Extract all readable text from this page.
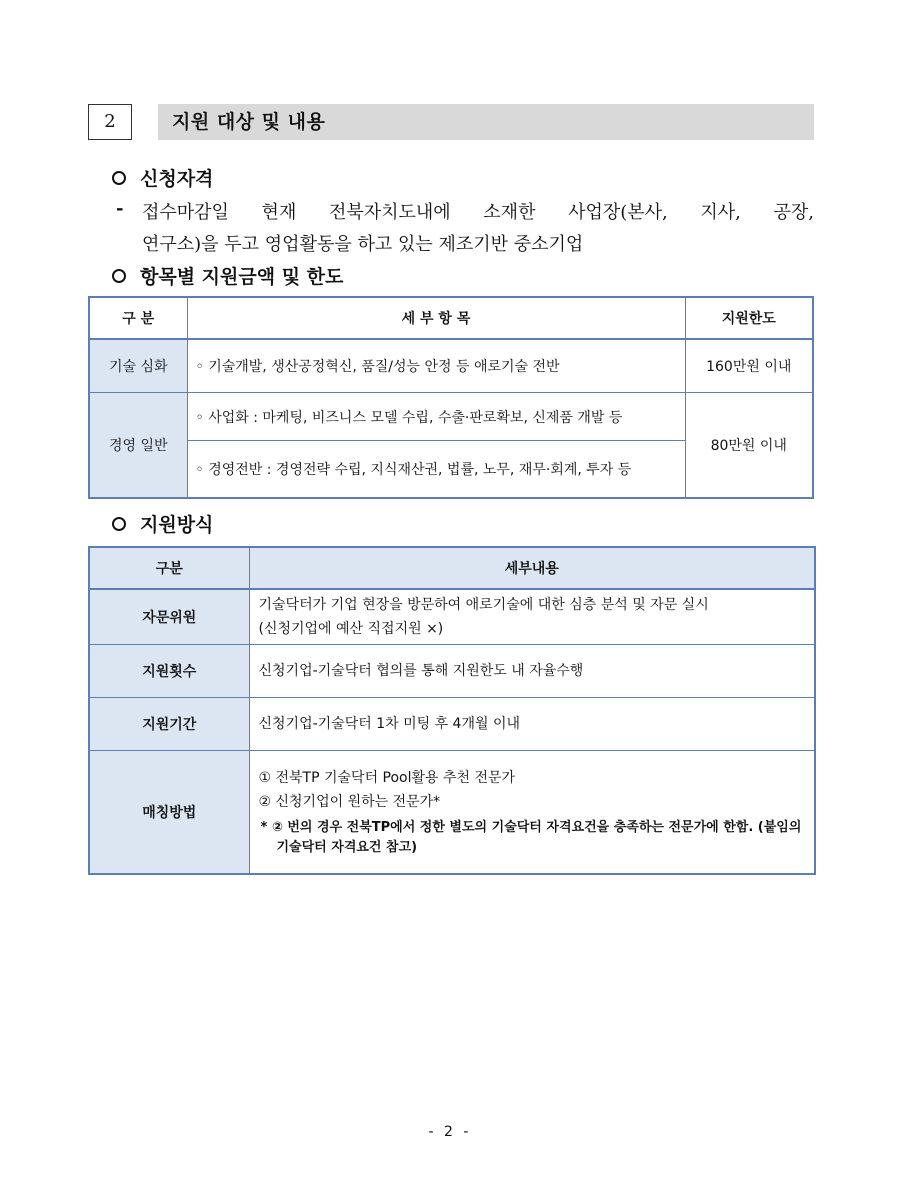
2	지원 대상 및 내용
신청자격
- 접수마감일 현재 전북자치도내에 소재한 사업장(본사, 지사, 공장,
연구소)을 두고 영업활동을 하고 있는 제조기반 중소기업
항목별 지원금액 및 한도
구 분	세 부 항 목	지원한도
기술 심화	◦ 기술개발, 생산공정혁신, 품질/성능 안정 등 애로기술 전반	160만원 이내
경영 일반	◦ 사업화 : 마케팅, 비즈니스 모델 수립, 수출·판로확보, 신제품 개발 등	80만원 이내
	◦ 경영전반 : 경영전략 수립, 지식재산권, 법률, 노무, 재무·회계, 투자 등	
지원방식
구분	세부내용
자문위원	기술닥터가 기업 현장을 방문하여 애로기술에 대한 심층 분석 및 자문 실시
(신청기업에 예산 직접지원 ×)

지원횟수	신청기업-기술닥터 협의를 통해 지원한도 내 자율수행

지원기간	신청기업-기술닥터 1차 미팅 후 4개월 이내

매칭방법	① 전북TP 기술닥터 Pool활용 추천 전문가
② 신청기업이 원하는 전문가*
* ② 번의 경우 전북TP에서 정한 별도의 기술닥터 자격요건을 충족하는 전문가에 한함. (붙임의 기술닥터 자격요건 참고)
- 2 -
